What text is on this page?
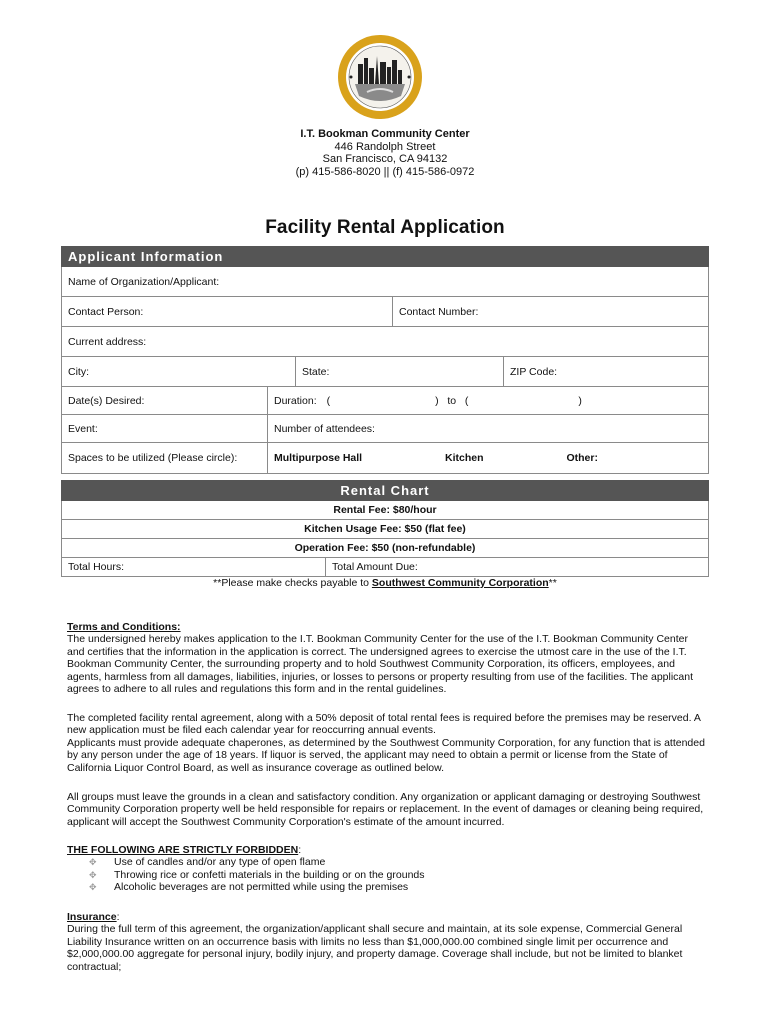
I.T. Bookman Community Center
446 Randolph Street
San Francisco, CA 94132
(p) 415-586-8020 || (f) 415-586-0972
Facility Rental Application
Applicant Information
Name of Organization/Applicant:
Contact Person:	Contact Number:
Current address:
City:	State:	ZIP Code:
Date(s) Desired:	Duration: (	)   to   (	)
Event:	Number of attendees:
Spaces to be utilized (Please circle):	Multipurpose Hall	Kitchen	Other:
Rental Chart
Rental Fee: $80/hour
Kitchen Usage Fee: $50 (flat fee)
Operation Fee: $50 (non-refundable)
Total Hours:	Total Amount Due:
**Please make checks payable to Southwest Community Corporation**

Terms and Conditions:

The undersigned hereby makes application to the I.T. Bookman Community Center for the use of the I.T. Bookman Community Center and certifies that the information in the application is correct. The undersigned agrees to exercise the utmost care in the use of the I.T. Bookman Community Center, the surrounding property and to hold Southwest Community Corporation, its officers, employees, and agents, harmless from all damages, liabilities, injuries, or losses to persons or property resulting from use of the facilities. The applicant agrees to adhere to all rules and regulations this form and in the rental guidelines.

The completed facility rental agreement, along with a 50% deposit of total rental fees is required before the premises may be reserved. A new application must be filed each calendar year for reoccurring annual events.

Applicants must provide adequate chaperones, as determined by the Southwest Community Corporation, for any function that is attended by any person under the age of 18 years. If liquor is served, the applicant may need to obtain a permit or license from the State of California Liquor Control Board, as well as insurance coverage as outlined below.

All groups must leave the grounds in a clean and satisfactory condition. Any organization or applicant damaging or destroying Southwest Community Corporation property well be held responsible for repairs or replacement. In the event of damages or cleaning being required, applicant will accept the Southwest Community Corporation's estimate of the amount incurred.

THE FOLLOWING ARE STRICTLY FORBIDDEN:

✥ Use of candles and/or any type of open flame
✥ Throwing rice or confetti materials in the building or on the grounds
✥ Alcoholic beverages are not permitted while using the premises

Insurance:

During the full term of this agreement, the organization/applicant shall secure and maintain, at its sole expense, Commercial General Liability Insurance written on an occurrence basis with limits no less than $1,000,000.00 combined single limit per occurrence and $2,000,000.00 aggregate for personal injury, bodily injury, and property damage. Coverage shall include, but not be limited to blanket contractual;
